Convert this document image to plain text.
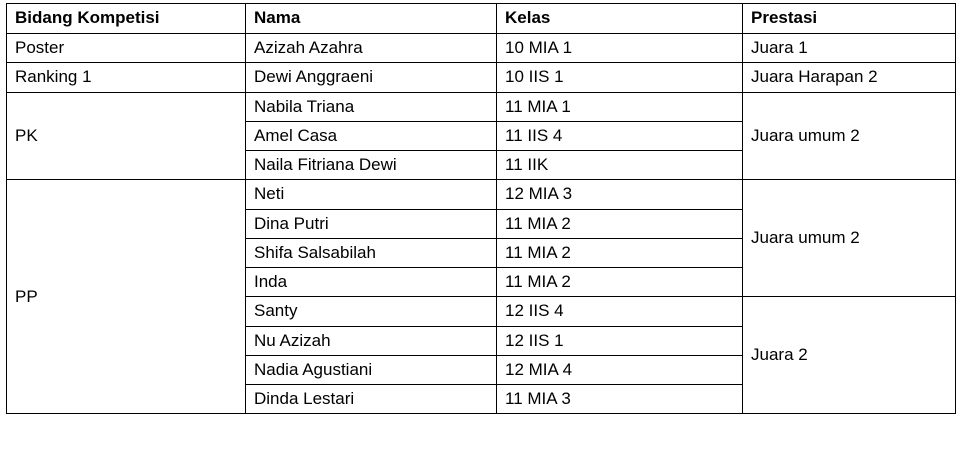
Bidang Kompetisi	Nama	Kelas	Prestasi
Poster	Azizah Azahra	10 MIA 1	Juara 1
Ranking 1	Dewi Anggraeni	10 IIS 1	Juara Harapan 2
PK	Nabila Triana	11 MIA 1	Juara umum 2
	Amel Casa	11 IIS 4	
	Naila Fitriana Dewi	11 IIK	
PP	Neti	12 MIA 3	Juara umum 2
	Dina Putri	11 MIA 2	
	Shifa Salsabilah	11 MIA 2	
	Inda	11 MIA 2	
	Santy	12 IIS 4	Juara 2
	Nu Azizah	12 IIS 1	
	Nadia Agustiani	12 MIA 4	
	Dinda Lestari	11 MIA 3	
